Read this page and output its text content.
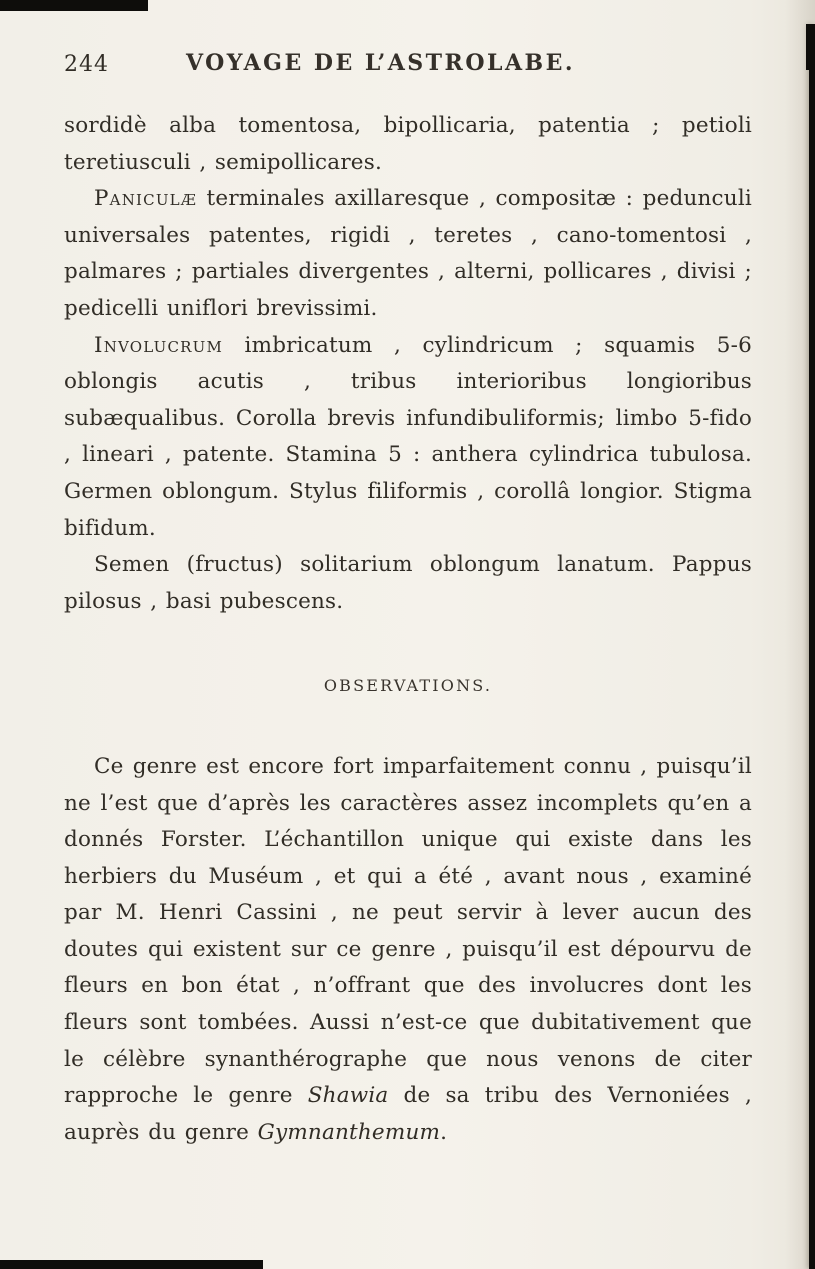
244	VOYAGE DE L’ASTROLABE.

sordidè alba tomentosa, bipollicaria, patentia ; petioli teretiusculi , semipollicares.

Paniculæ terminales axillaresque , compositæ : pedunculi universales patentes, rigidi , teretes , cano-tomentosi , palmares ; partiales divergentes , alterni, pollicares , divisi ; pedicelli uniflori brevissimi.

Involucrum imbricatum , cylindricum ; squamis 5-6 oblongis acutis , tribus interioribus longioribus subæqualibus. Corolla brevis infundibuliformis; limbo 5-fido , lineari , patente. Stamina 5 : anthera cylindrica tubulosa. Germen oblongum. Stylus filiformis , corollâ longior. Stigma bifidum.

Semen (fructus) solitarium oblongum lanatum. Pappus pilosus , basi pubescens.

OBSERVATIONS.

Ce genre est encore fort imparfaitement connu , puisqu’il ne l’est que d’après les caractères assez incomplets qu’en a donnés Forster. L’échantillon unique qui existe dans les herbiers du Muséum , et qui a été , avant nous , examiné par M. Henri Cassini , ne peut servir à lever aucun des doutes qui existent sur ce genre , puisqu’il est dépourvu de fleurs en bon état , n’offrant que des involucres dont les fleurs sont tombées. Aussi n’est-ce que dubitativement que le célèbre synanthérographe que nous venons de citer rapproche le genre Shawia de sa tribu des Vernoniées , auprès du genre Gymnanthemum.
